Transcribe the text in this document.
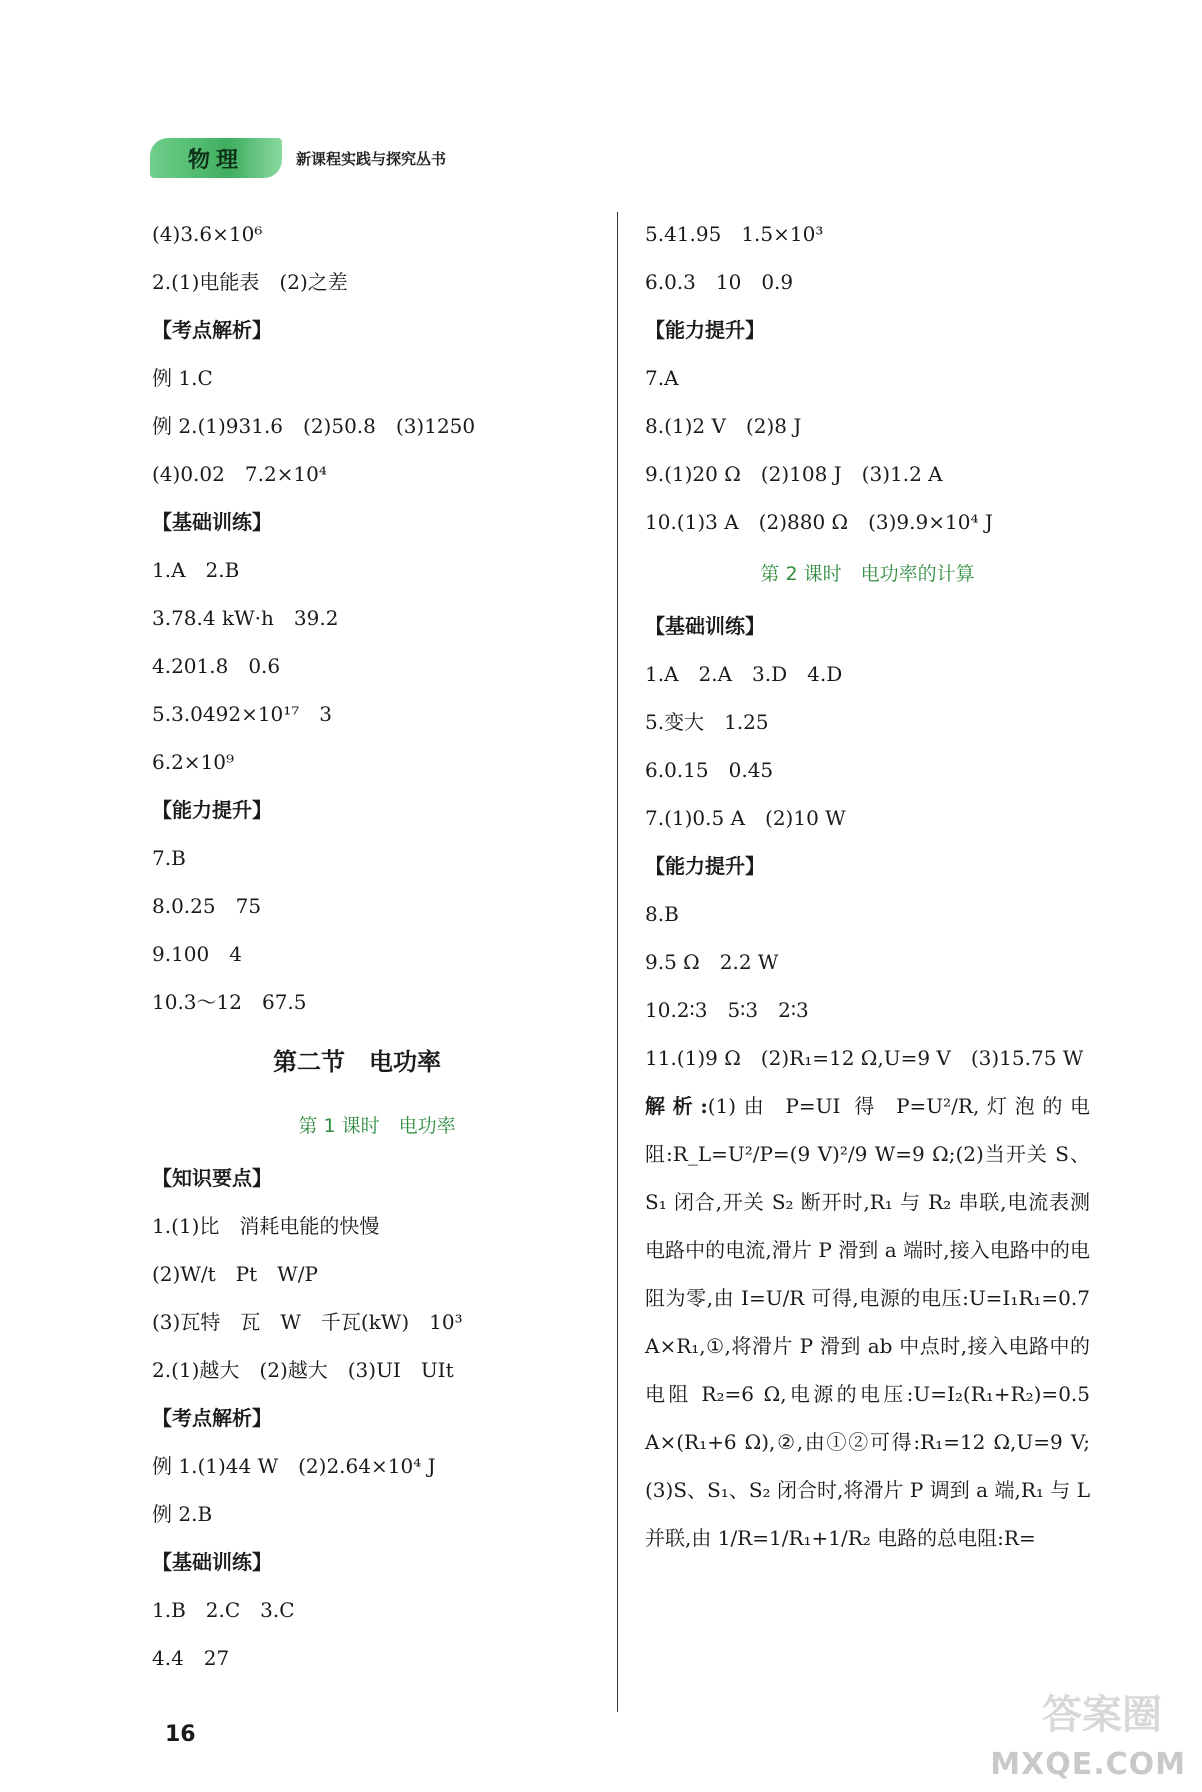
物理	新课程实践与探究丛书
(4)3.6×10⁶
2.(1)电能表　(2)之差
【考点解析】
例 1.C
例 2.(1)931.6　(2)50.8　(3)1250
(4)0.02　7.2×10⁴
【基础训练】
1.A　2.B
3.78.4 kW·h　39.2
4.201.8　0.6
5.3.0492×10¹⁷　3
6.2×10⁹
【能力提升】
7.B
8.0.25　75
9.100　4
10.3～12　67.5
第二节　电功率
第 1 课时　电功率
【知识要点】
1.(1)比　消耗电能的快慢
(2)W/t　Pt　W/P
(3)瓦特　瓦　W　千瓦(kW)　10³
2.(1)越大　(2)越大　(3)UI　UIt
【考点解析】
例 1.(1)44 W　(2)2.64×10⁴ J
例 2.B
【基础训练】
1.B　2.C　3.C
4.4　27
5.41.95　1.5×10³
6.0.3　10　0.9
【能力提升】
7.A
8.(1)2 V　(2)8 J
9.(1)20 Ω　(2)108 J　(3)1.2 A
10.(1)3 A　(2)880 Ω　(3)9.9×10⁴ J
第 2 课时　电功率的计算
【基础训练】
1.A　2.A　3.D　4.D
5.变大　1.25
6.0.15　0.45
7.(1)0.5 A　(2)10 W
【能力提升】
8.B
9.5 Ω　2.2 W
10.2∶3　5∶3　2∶3
11.(1)9 Ω　(2)R₁=12 Ω,U=9 V　(3)15.75 W

解析:(1)由 P=UI 得 P=U²/R,灯泡的电阻:R_L=U²/P=(9 V)²/9 W=9 Ω;(2)当开关 S、S₁ 闭合,开关 S₂ 断开时,R₁ 与 R₂ 串联,电流表测电路中的电流,滑片 P 滑到 a 端时,接入电路中的电阻为零,由 I=U/R 可得,电源的电压:U=I₁R₁=0.7 A×R₁,①,将滑片 P 滑到 ab 中点时,接入电路中的电阻 R₂=6 Ω,电源的电压:U=I₂(R₁+R₂)=0.5 A×(R₁+6 Ω),②,由①②可得:R₁=12 Ω,U=9 V;(3)S、S₁、S₂ 闭合时,将滑片 P 调到 a 端,R₁ 与 L 并联,由 1/R=1/R₁+1/R₂ 电路的总电阻:R=

16	答案圈
MXQE.COM
